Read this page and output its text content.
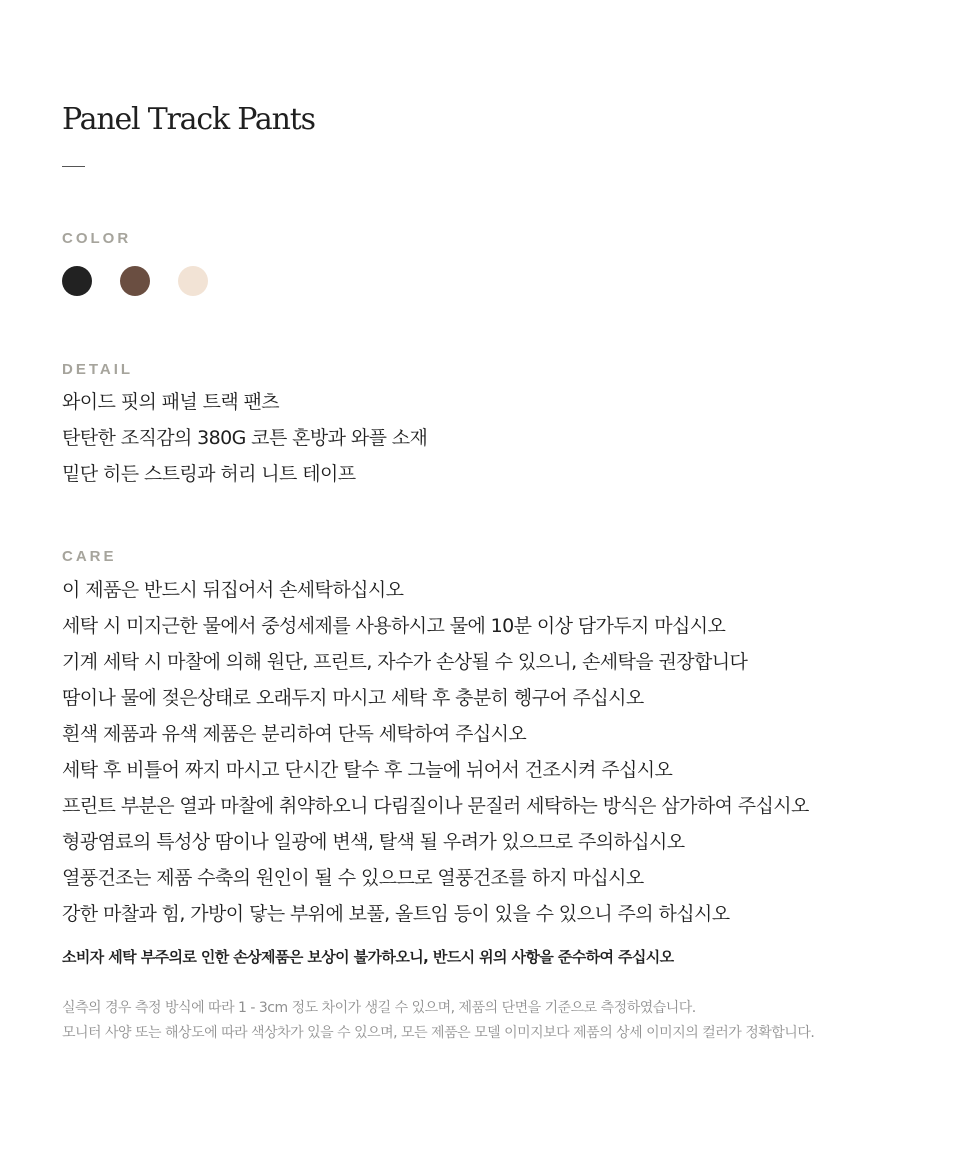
Panel Track Pants
COLOR
DETAIL
와이드 핏의 패널 트랙 팬츠
탄탄한 조직감의 380G 코튼 혼방과 와플 소재
밑단 히든 스트링과 허리 니트 테이프
CARE
이 제품은 반드시 뒤집어서 손세탁하십시오
세탁 시 미지근한 물에서 중성세제를 사용하시고 물에 10분 이상 담가두지 마십시오
기계 세탁 시 마찰에 의해 원단, 프린트, 자수가 손상될 수 있으니, 손세탁을 권장합니다
땀이나 물에 젖은상태로 오래두지 마시고 세탁 후 충분히 헹구어 주십시오
흰색 제품과 유색 제품은 분리하여 단독 세탁하여 주십시오
세탁 후 비틀어 짜지 마시고 단시간 탈수 후 그늘에 뉘어서 건조시켜 주십시오
프린트 부분은 열과 마찰에 취약하오니 다림질이나 문질러 세탁하는 방식은 삼가하여 주십시오
형광염료의 특성상 땀이나 일광에 변색, 탈색 될 우려가 있으므로 주의하십시오
열풍건조는 제품 수축의 원인이 될 수 있으므로 열풍건조를 하지 마십시오
강한 마찰과 힘, 가방이 닿는 부위에 보풀, 올트임 등이 있을 수 있으니 주의 하십시오
소비자 세탁 부주의로 인한 손상제품은 보상이 불가하오니, 반드시 위의 사항을 준수하여 주십시오
실측의 경우 측정 방식에 따라 1 - 3cm 정도 차이가 생길 수 있으며, 제품의 단면을 기준으로 측정하였습니다.
모니터 사양 또는 해상도에 따라 색상차가 있을 수 있으며, 모든 제품은 모델 이미지보다 제품의 상세 이미지의 컬러가 정확합니다.
